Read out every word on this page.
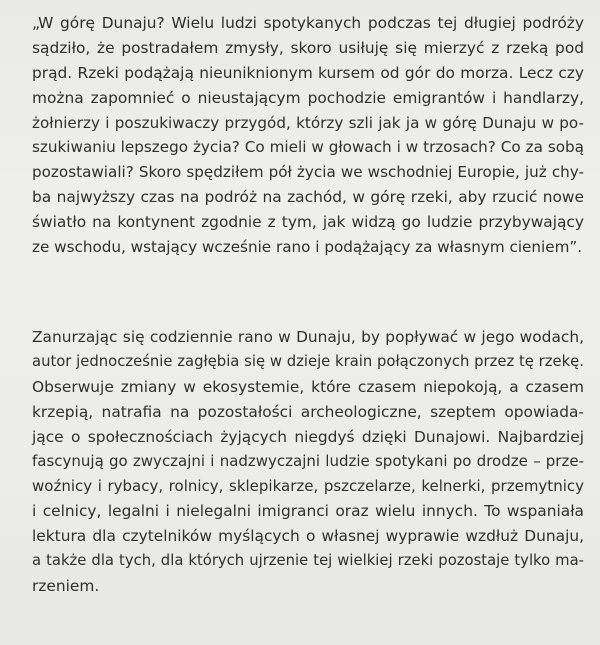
„W górę Dunaju? Wielu ludzi spotykanych podczas tej długiej podróży
sądziło, że postradałem zmysły, skoro usiłuję się mierzyć z rzeką pod
prąd. Rzeki podążają nieuniknionym kursem od gór do morza. Lecz czy
można zapomnieć o nieustającym pochodzie emigrantów i handlarzy,
żołnierzy i poszukiwaczy przygód, którzy szli jak ja w górę Dunaju w po-
szukiwaniu lepszego życia? Co mieli w głowach i w trzosach? Co za sobą
pozostawiali? Skoro spędziłem pół życia we wschodniej Europie, już chy-
ba najwyższy czas na podróż na zachód, w górę rzeki, aby rzucić nowe
światło na kontynent zgodnie z tym, jak widzą go ludzie przybywający
ze wschodu, wstający wcześnie rano i podążający za własnym cieniem”.
Zanurzając się codziennie rano w Dunaju, by popływać w jego wodach,
autor jednocześnie zagłębia się w dzieje krain połączonych przez tę rzekę.
Obserwuje zmiany w ekosystemie, które czasem niepokoją, a czasem
krzepią, natrafia na pozostałości archeologiczne, szeptem opowiada-
jące o społecznościach żyjących niegdyś dzięki Dunajowi. Najbardziej
fascynują go zwyczajni i nadzwyczajni ludzie spotykani po drodze – prze-
woźnicy i rybacy, rolnicy, sklepikarze, pszczelarze, kelnerki, przemytnicy
i celnicy, legalni i nielegalni imigranci oraz wielu innych. To wspaniała
lektura dla czytelników myślących o własnej wyprawie wzdłuż Dunaju,
a także dla tych, dla których ujrzenie tej wielkiej rzeki pozostaje tylko ma-
rzeniem.
